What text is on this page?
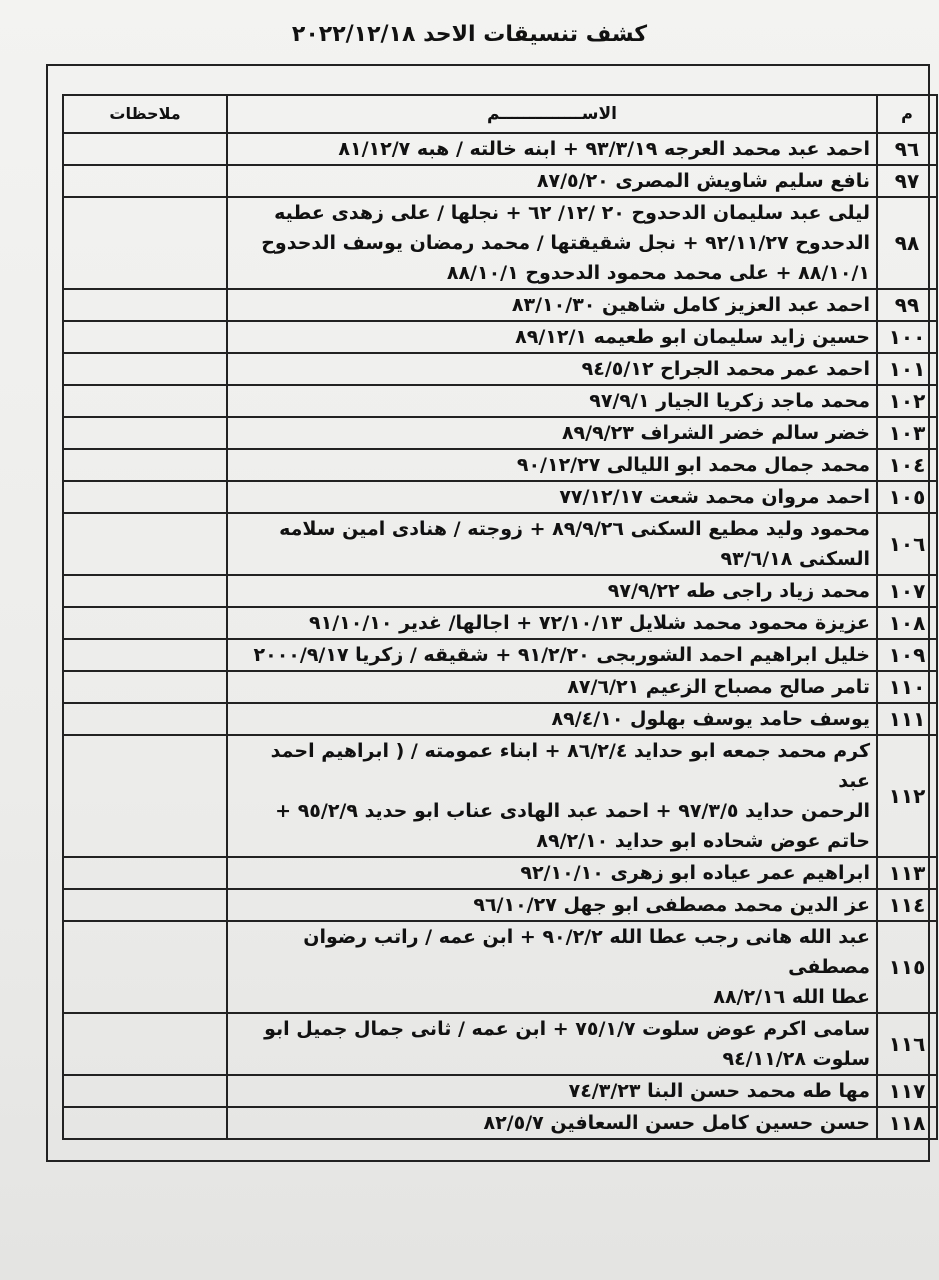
كشف تنسيقات الاحد ٢٠٢٢/١٢/١٨
م	الاســــــــــــــم	ملاحظات
٩٦	احمد عبد محمد العرجه ٩٣/٣/١٩ + ابنه خالته / هبه ٨١/١٢/٧	
٩٧	نافع سليم شاويش المصرى ٨٧/٥/٢٠	
٩٨	ليلى عبد سليمان الدحدوح ٢٠ /١٢/ ٦٢ + نجلها / على زهدى عطيه
الدحدوح ٩٢/١١/٢٧ + نجل شقيقتها / محمد رمضان يوسف الدحدوح
٨٨/١٠/١ + على محمد محمود الدحدوح ٨٨/١٠/١	
٩٩	احمد عبد العزيز كامل شاهين ٨٣/١٠/٣٠	
١٠٠	حسين زايد سليمان ابو طعيمه ٨٩/١٢/١	
١٠١	احمد عمر محمد الجراح ٩٤/٥/١٢	
١٠٢	محمد ماجد زكريا الجيار ٩٧/٩/١	
١٠٣	خضر سالم خضر الشراف ٨٩/٩/٢٣	
١٠٤	محمد جمال محمد ابو الليالى ٩٠/١٢/٢٧	
١٠٥	احمد مروان محمد شعت ٧٧/١٢/١٧	
١٠٦	محمود وليد مطيع السكنى ٨٩/٩/٢٦ + زوجته / هنادى امين سلامه
السكنى ٩٣/٦/١٨	
١٠٧	محمد زياد راجى طه ٩٧/٩/٢٢	
١٠٨	عزيزة محمود محمد شلايل ٧٢/١٠/١٣ + اجالها/ غدير ٩١/١٠/١٠	
١٠٩	خليل ابراهيم احمد الشوربجى ٩١/٢/٢٠ + شقيقه / زكريا ٢٠٠٠/٩/١٧	
١١٠	تامر صالح مصباح الزعيم ٨٧/٦/٢١	
١١١	يوسف حامد يوسف بهلول ٨٩/٤/١٠	
١١٢	كرم محمد جمعه ابو حدايد ٨٦/٢/٤ + ابناء عمومته / ( ابراهيم احمد عبد
الرحمن حدايد ٩٧/٣/٥ + احمد عبد الهادى عناب ابو حديد ٩٥/٢/٩ +
حاتم عوض شحاده ابو حدايد ٨٩/٢/١٠	
١١٣	ابراهيم عمر عياده ابو زهرى ٩٢/١٠/١٠	
١١٤	عز الدين محمد مصطفى ابو جهل ٩٦/١٠/٢٧	
١١٥	عبد الله هانى رجب عطا الله ٩٠/٢/٢ + ابن عمه / راتب رضوان مصطفى
عطا الله ٨٨/٢/١٦	
١١٦	سامى اكرم عوض سلوت ٧٥/١/٧ + ابن عمه / ثانى جمال جميل ابو
سلوت ٩٤/١١/٢٨	
١١٧	مها طه محمد حسن البنا ٧٤/٣/٢٣	
١١٨	حسن حسين كامل حسن السعافين ٨٢/٥/٧	
